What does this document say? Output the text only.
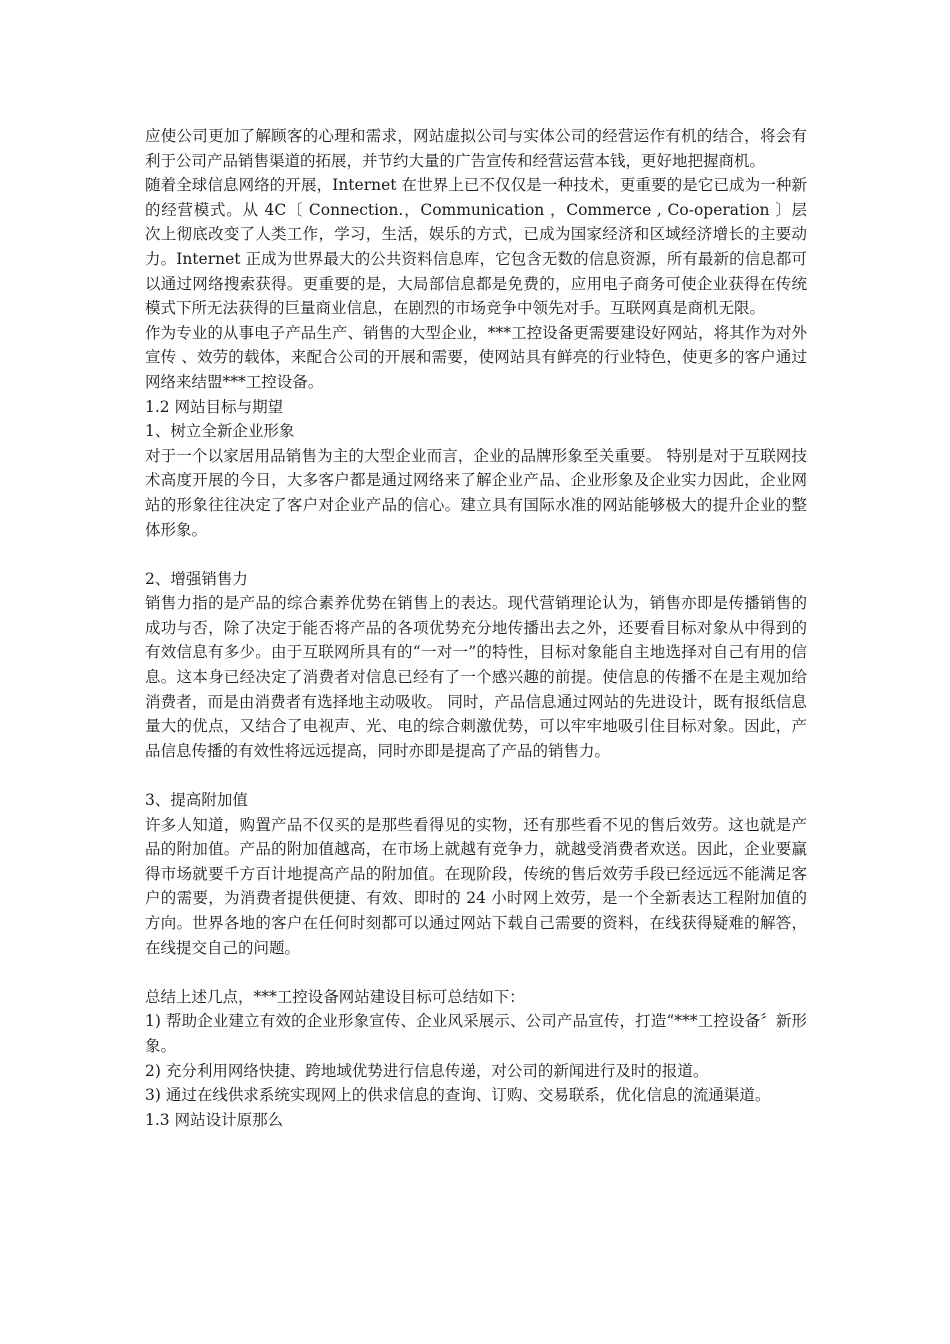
应使公司更加了解顾客的心理和需求，网站虚拟公司与实体公司的经营运作有机的结合，将会有利于公司产品销售渠道的拓展，并节约大量的广告宣传和经营运营本钱，更好地把握商机。

随着全球信息网络的开展，Internet 在世界上已不仅仅是一种技术，更重要的是它已成为一种新的经营模式。从 4C〔 Connection.，Communication ，Commerce , Co-operation 〕层次上彻底改变了人类工作，学习，生活，娱乐的方式，已成为国家经济和区域经济增长的主要动力。Internet 正成为世界最大的公共资料信息库，它包含无数的信息资源，所有最新的信息都可以通过网络搜索获得。更重要的是，大局部信息都是免费的，应用电子商务可使企业获得在传统模式下所无法获得的巨量商业信息，在剧烈的市场竞争中领先对手。互联网真是商机无限。

作为专业的从事电子产品生产、销售的大型企业，***工控设备更需要建设好网站，将其作为对外宣传 、效劳的载体，来配合公司的开展和需要，使网站具有鲜亮的行业特色，使更多的客户通过网络来结盟***工控设备。

1.2 网站目标与期望

1、树立全新企业形象

对于一个以家居用品销售为主的大型企业而言，企业的品牌形象至关重要。 特别是对于互联网技术高度开展的今日，大多客户都是通过网络来了解企业产品、企业形象及企业实力因此，企业网站的形象往往决定了客户对企业产品的信心。建立具有国际水准的网站能够极大的提升企业的整体形象。

2、增强销售力

销售力指的是产品的综合素养优势在销售上的表达。现代营销理论认为，销售亦即是传播销售的成功与否，除了决定于能否将产品的各项优势充分地传播出去之外，还要看目标对象从中得到的有效信息有多少。由于互联网所具有的“一对一”的特性，目标对象能自主地选择对自己有用的信息。这本身已经决定了消费者对信息已经有了一个感兴趣的前提。使信息的传播不在是主观加给消费者，而是由消费者有选择地主动吸收。 同时，产品信息通过网站的先进设计，既有报纸信息量大的优点，又结合了电视声、光、电的综合刺激优势，可以牢牢地吸引住目标对象。因此，产品信息传播的有效性将远远提高，同时亦即是提高了产品的销售力。

3、提高附加值

许多人知道，购置产品不仅买的是那些看得见的实物，还有那些看不见的售后效劳。这也就是产品的附加值。产品的附加值越高，在市场上就越有竞争力，就越受消费者欢送。因此，企业要赢得市场就要千方百计地提高产品的附加值。在现阶段，传统的售后效劳手段已经远远不能满足客户的需要，为消费者提供便捷、有效、即时的 24 小时网上效劳，是一个全新表达工程附加值的方向。世界各地的客户在任何时刻都可以通过网站下载自己需要的资料，在线获得疑难的解答，在线提交自己的问题。

总结上述几点，***工控设备网站建设目标可总结如下：

1) 帮助企业建立有效的企业形象宣传、企业风采展示、公司产品宣传，打造“***工控设备〞新形象。

2) 充分利用网络快捷、跨地域优势进行信息传递，对公司的新闻进行及时的报道。

3) 通过在线供求系统实现网上的供求信息的查询、订购、交易联系，优化信息的流通渠道。

1.3 网站设计原那么
